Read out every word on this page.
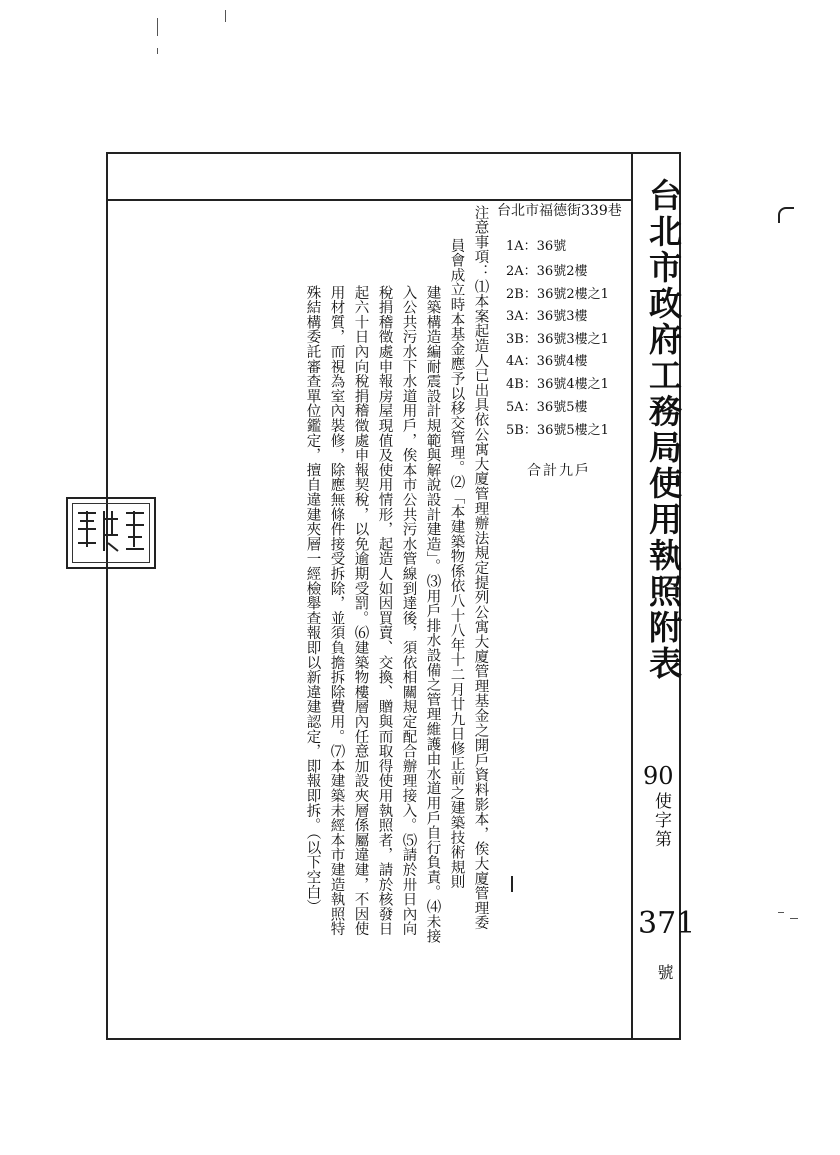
台北市政府工務局使用執照附表
90
使字第
371
號
台北市福德街339巷
1A：36號
2A：36號2樓
2B：36號2樓之1
3A：36號3樓
3B：36號3樓之1
4A：36號4樓
4B：36號4樓之1
5A：36號5樓
5B：36號5樓之1
合計九戶
注意事項：⑴本案起造人已出具依公寓大廈管理辦法規定提列公寓大廈管理基金之開戶資料影本，俟大廈管理委
員會成立時本基金應予以移交管理。⑵「本建築物係依八十八年十二月廿九日修正前之建築技術規則
建築構造編耐震設計規範與解說設計建造」。⑶用戶排水設備之管理維護由水道用戶自行負責。⑷未接
入公共污水下水道用戶，俟本市公共污水管線到達後，須依相關規定配合辦理接入。⑸請於卅日內向
稅捐稽徵處申報房屋現值及使用情形，起造人如因買賣、交換、贈與而取得使用執照者，請於核發日
起六十日內向稅捐稽徵處申報契稅，以免逾期受罰。⑹建築物樓層內任意加設夾層係屬違建，不因使
用材質，而視為室內裝修，除應無條件接受拆除，並須負擔拆除費用。⑺本建築未經本市建造執照特
殊結構委託審查單位鑑定，擅自違建夾層一經檢舉查報即以新違建認定，即報即拆。（以下空白）
